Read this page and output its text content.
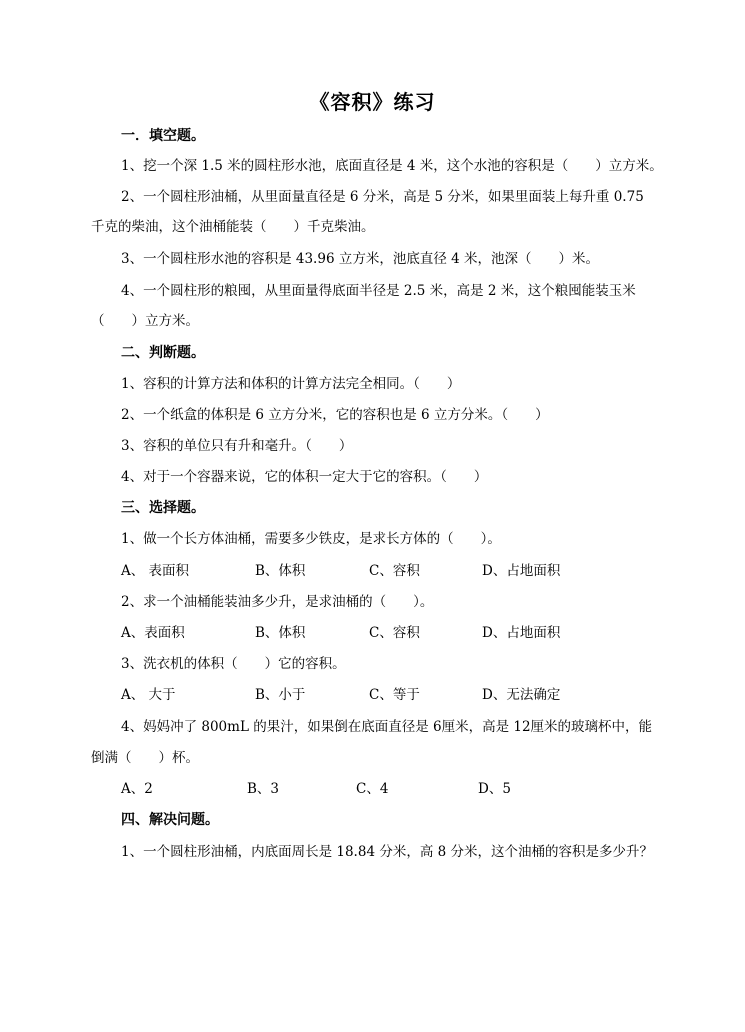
《容积》练习
一．填空题。
1、挖一个深 1.5 米的圆柱形水池，底面直径是 4 米，这个水池的容积是（　　）立方米。
2、一个圆柱形油桶，从里面量直径是 6 分米，高是 5 分米，如果里面装上每升重 0.75
千克的柴油，这个油桶能装（　　）千克柴油。
3、一个圆柱形水池的容积是 43.96 立方米，池底直径 4 米，池深（　　）米。
4、一个圆柱形的粮囤，从里面量得底面半径是 2.5 米，高是 2 米，这个粮囤能装玉米
（　　）立方米。
二、判断题。
1、容积的计算方法和体积的计算方法完全相同。（　　）
2、一个纸盒的体积是 6 立方分米，它的容积也是 6 立方分米。（　　）
3、容积的单位只有升和毫升。（　　）
4、对于一个容器来说，它的体积一定大于它的容积。（　　）
三、选择题。
1、做一个长方体油桶，需要多少铁皮，是求长方体的（　　）。
A、 表面积	B、体积	C、容积	D、占地面积
2、求一个油桶能装油多少升，是求油桶的（　　）。
A、表面积	B、体积	C、容积	D、占地面积
3、洗衣机的体积（　　）它的容积。
A、 大于	B、小于	C、等于	D、无法确定
4、妈妈冲了 800mL 的果汁，如果倒在底面直径是 6厘米，高是 12厘米的玻璃杯中，能
倒满（　　）杯。
A、2	B、3	C、4	D、5
四、解决问题。
1、一个圆柱形油桶，内底面周长是 18.84 分米，高 8 分米，这个油桶的容积是多少升？
